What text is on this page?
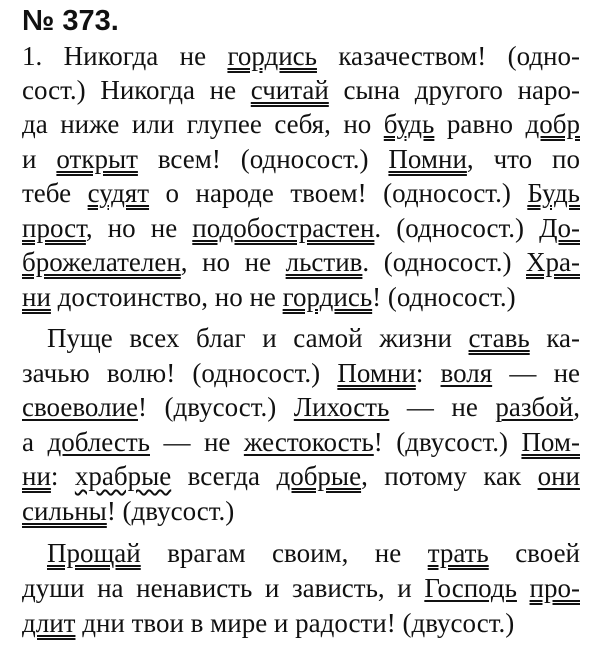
№ 373.
1. Никогда не гордись казачеством! (одно-
сост.) Никогда не считай сына другого наро-
да ниже или глупее себя, но будь равно добр
и открыт всем! (односост.) Помни, что по
тебе судят о народе твоем! (односост.) Будь
прост, но не подобострастен. (односост.) До-
брожелателен, но не льстив. (односост.) Хра-
ни достоинство, но не гордись! (односост.)
Пуще всех благ и самой жизни ставь ка-
зачью волю! (односост.) Помни: воля — не
своеволие! (двусост.) Лихость — не разбой,
а доблесть — не жестокость! (двусост.) Пом-
ни: храбрые всегда добрые, потому как они
сильны! (двусост.)
Прощай врагам своим, не трать своей
души на ненависть и зависть, и Господь про-
длит дни твои в мире и радости! (двусост.)
